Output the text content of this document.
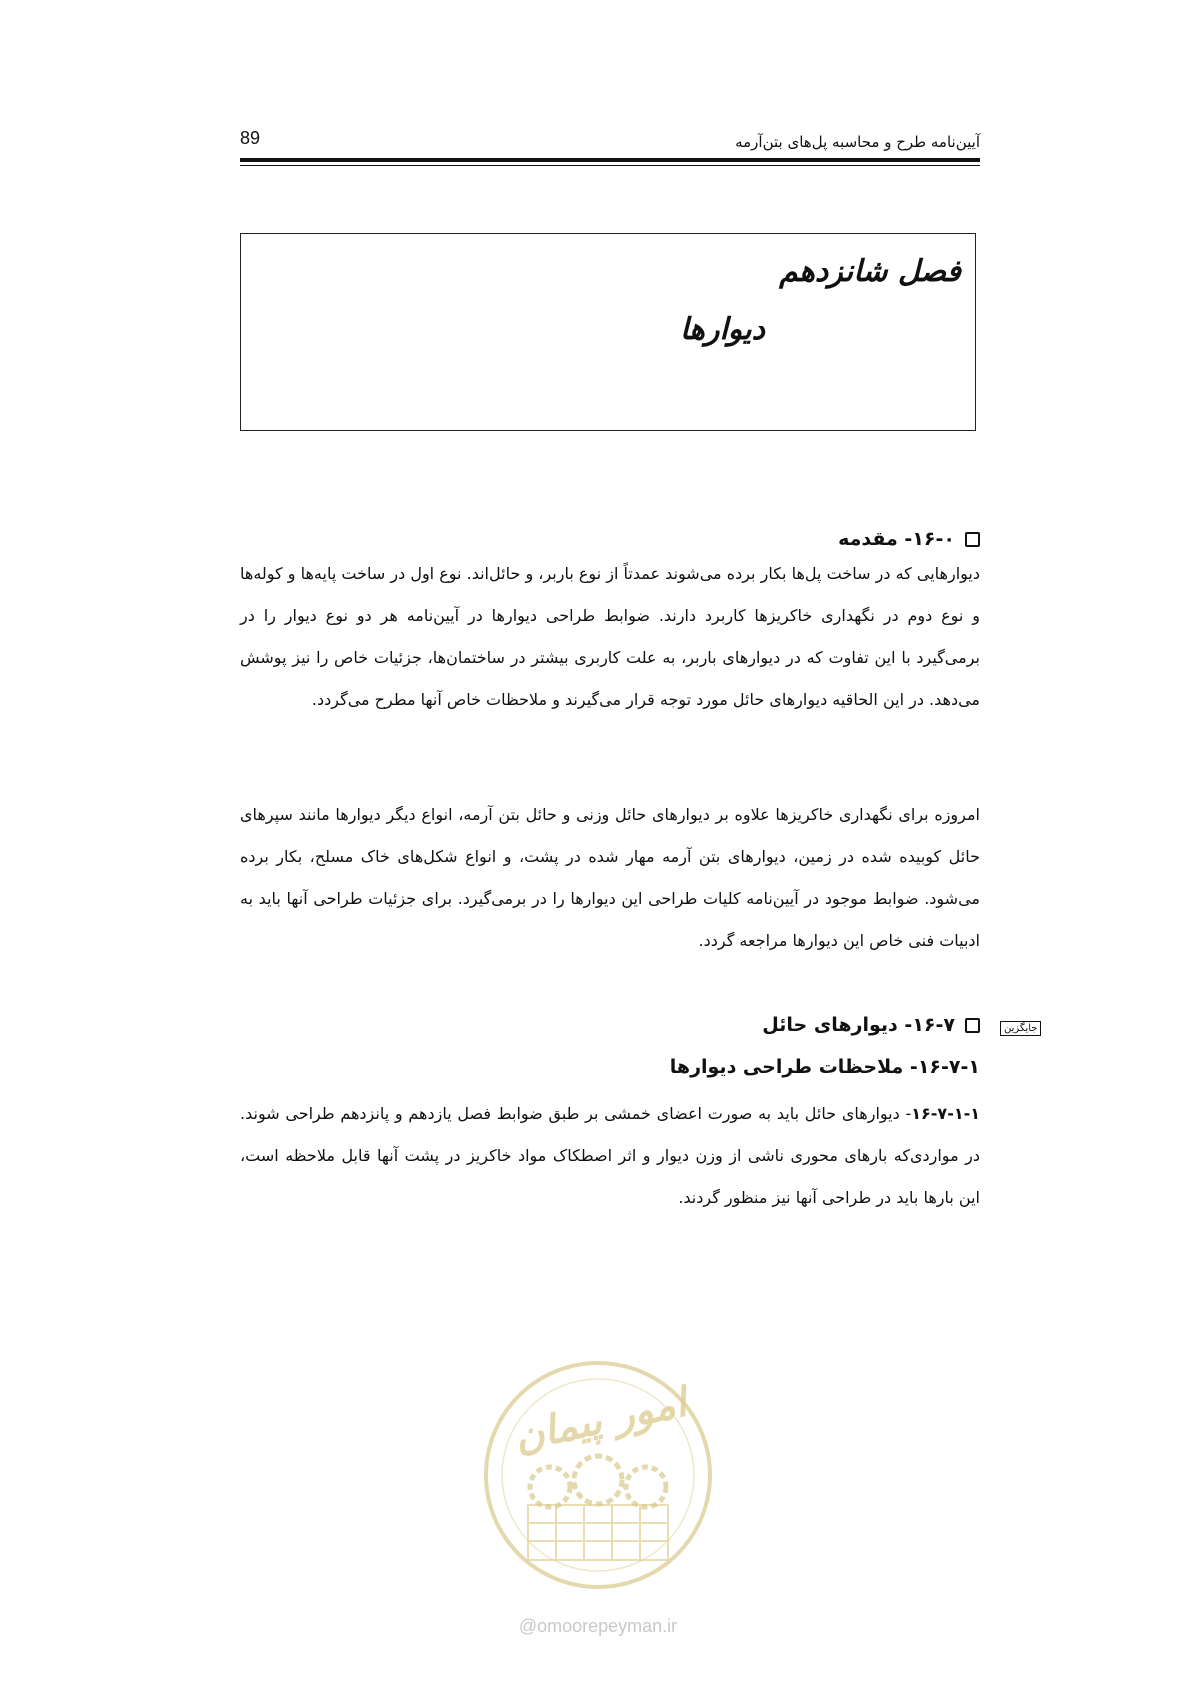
آیین‌نامه طرح و محاسبه پل‌های بتن‌آرمه
89
فصل شانزدهم
دیوارها
۱۶-۰- مقدمه

دیوارهایی که در ساخت پل‌ها بکار برده می‌شوند عمدتاً از نوع باربر، و حائل‌اند. نوع اول در ساخت پایه‌ها و کوله‌ها و نوع دوم در نگهداری خاکریزها کاربرد دارند. ضوابط طراحی دیوارها در آیین‌نامه هر دو نوع دیوار را در برمی‌گیرد با این تفاوت که در دیوارهای باربر، به علت کاربری بیشتر در ساختمان‌ها، جزئیات خاص را نیز پوشش می‌دهد. در این الحاقیه دیوارهای حائل مورد توجه قرار می‌گیرند و ملاحظات خاص آنها مطرح می‌گردد.

امروزه برای نگهداری خاکریزها علاوه بر دیوارهای حائل وزنی و حائل بتن آرمه، انواع دیگر دیوارها مانند سپرهای حائل کوبیده شده در زمین، دیوارهای بتن آرمه مهار شده در پشت، و انواع شکل‌های خاک مسلح، بکار برده می‌شود. ضوابط موجود در آیین‌نامه کلیات طراحی این دیوارها را در برمی‌گیرد. برای جزئیات طراحی آنها باید به ادبیات فنی خاص این دیوارها مراجعه گردد.

جایگزین
۱۶-۷- دیوارهای حائل
۱۶-۷-۱- ملاحظات طراحی دیوارها

۱۶-۷-۱-۱- دیوارهای حائل باید به صورت اعضای خمشی بر طبق ضوابط فصل یازدهم و پانزدهم طراحی شوند. در مواردی‌که بارهای محوری ناشی از وزن دیوار و اثر اصطکاک مواد خاکریز در پشت آنها قابل ملاحظه است، این بارها باید در طراحی آنها نیز منظور گردند.

امور پیمان
@omoorepeyman.ir
